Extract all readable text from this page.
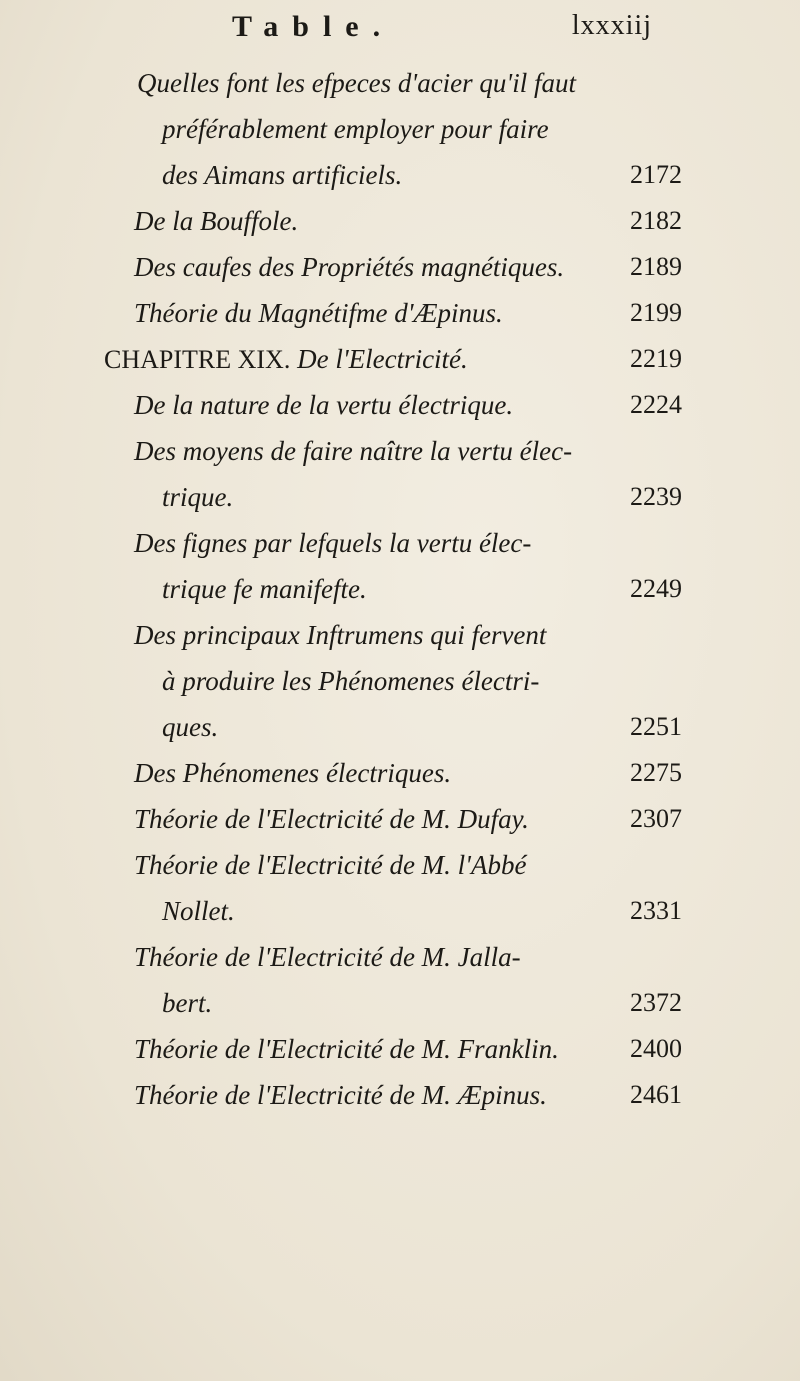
Table.	lxxxiij
Quelles font les efpeces d'acier qu'il faut
préférablement employer pour faire
des Aimans artificiels.	2172
De la Bouffole.	2182
Des caufes des Propriétés magnétiques.	2189
Théorie du Magnétifme d'Æpinus.	2199
CHAPITRE XIX. De l'Electricité.	2219
De la nature de la vertu électrique.	2224
Des moyens de faire naître la vertu élec-
trique.	2239
Des fignes par lefquels la vertu élec-
trique fe manifefte.	2249
Des principaux Inftrumens qui fervent
à produire les Phénomenes électri-
ques.	2251
Des Phénomenes électriques.	2275
Théorie de l'Electricité de M. Dufay.	2307
Théorie de l'Electricité de M. l'Abbé
Nollet.	2331
Théorie de l'Electricité de M. Jalla-
bert.	2372
Théorie de l'Electricité de M. Franklin.	2400
Théorie de l'Electricité de M. Æpinus.	2461
